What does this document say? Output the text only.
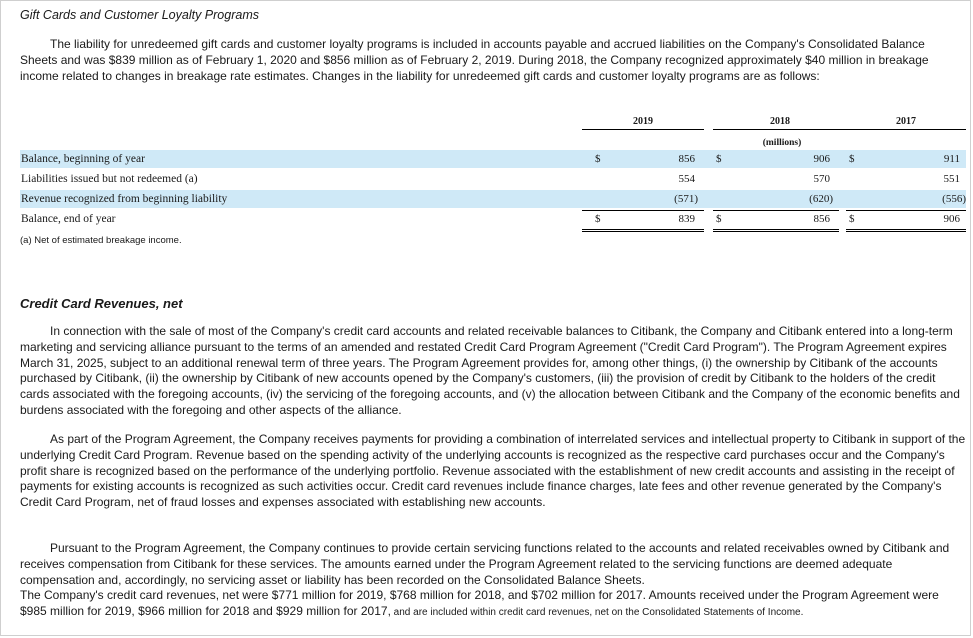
Gift Cards and Customer Loyalty Programs

The liability for unredeemed gift cards and customer loyalty programs is included in accounts payable and accrued liabilities on the Company's Consolidated Balance Sheets and was $839 million as of February 1, 2020 and $856 million as of February 2, 2019. During 2018, the Company recognized approximately $40 million in breakage income related to changes in breakage rate estimates. Changes in the liability for unredeemed gift cards and customer loyalty programs are as follows:

2019	2018	2017
(millions)
Balance, beginning of year	$	856 $	906 $	911
Liabilities issued but not redeemed (a)	554	570	551
Revenue recognized from beginning liability	(571)	(620)	(556)
Balance, end of year	$	839 $	856 $	906
(a) Net of estimated breakage income.
Credit Card Revenues, net

In connection with the sale of most of the Company's credit card accounts and related receivable balances to Citibank, the Company and Citibank entered into a long-term marketing and servicing alliance pursuant to the terms of an amended and restated Credit Card Program Agreement ("Credit Card Program"). The Program Agreement expires March 31, 2025, subject to an additional renewal term of three years. The Program Agreement provides for, among other things, (i) the ownership by Citibank of the accounts purchased by Citibank, (ii) the ownership by Citibank of new accounts opened by the Company's customers, (iii) the provision of credit by Citibank to the holders of the credit cards associated with the foregoing accounts, (iv) the servicing of the foregoing accounts, and (v) the allocation between Citibank and the Company of the economic benefits and burdens associated with the foregoing and other aspects of the alliance.

As part of the Program Agreement, the Company receives payments for providing a combination of interrelated services and intellectual property to Citibank in support of the underlying Credit Card Program. Revenue based on the spending activity of the underlying accounts is recognized as the respective card purchases occur and the Company's profit share is recognized based on the performance of the underlying portfolio. Revenue associated with the establishment of new credit accounts and assisting in the receipt of payments for existing accounts is recognized as such activities occur. Credit card revenues include finance charges, late fees and other revenue generated by the Company's Credit Card Program, net of fraud losses and expenses associated with establishing new accounts.

Pursuant to the Program Agreement, the Company continues to provide certain servicing functions related to the accounts and related receivables owned by Citibank and receives compensation from Citibank for these services. The amounts earned under the Program Agreement related to the servicing functions are deemed adequate compensation and, accordingly, no servicing asset or liability has been recorded on the Consolidated Balance Sheets.

The Company's credit card revenues, net were $771 million for 2019, $768 million for 2018, and $702 million for 2017. Amounts received under the Program Agreement were $985 million for 2019, $966 million for 2018 and $929 million for 2017, and are included within credit card revenues, net on the Consolidated Statements of Income.
